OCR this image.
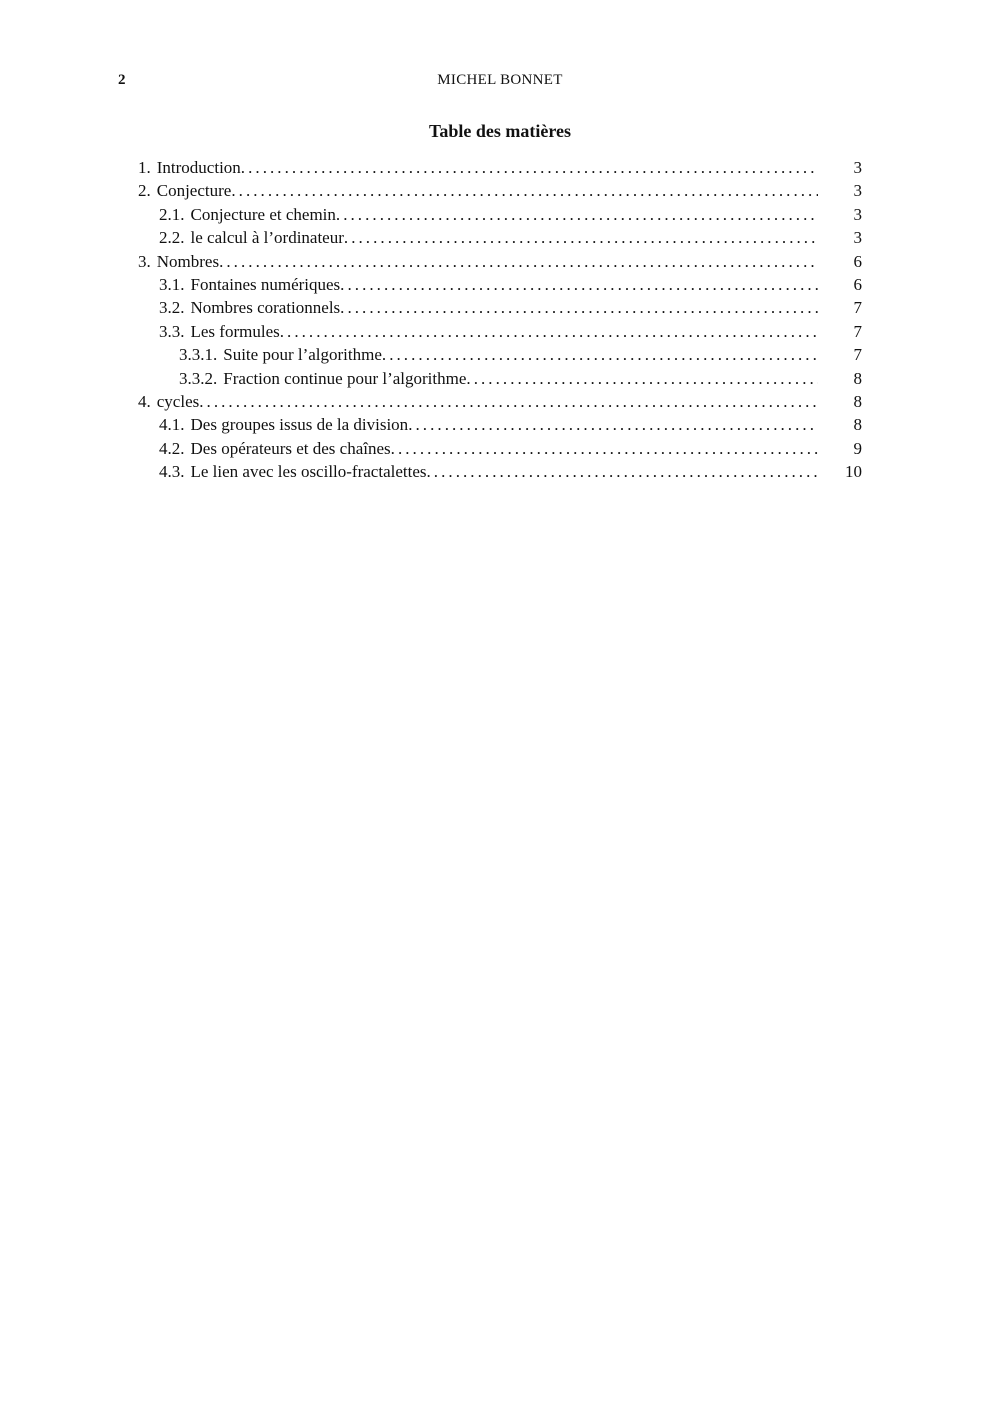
2	MICHEL BONNET
Table des matières
1. Introduction . . .	3
2. Conjecture . . .	3
2.1. Conjecture et chemin . . .	3
2.2. le calcul à l’ordinateur . . .	3
3. Nombres . . .	6
3.1. Fontaines numériques . . .	6
3.2. Nombres corationnels . . .	7
3.3. Les formules . . .	7
3.3.1. Suite pour l’algorithme . . .	7
3.3.2. Fraction continue pour l’algorithme . . .	8
4. cycles . . .	8
4.1. Des groupes issus de la division . . .	8
4.2. Des opérateurs et des chaînes . . .	9
4.3. Le lien avec les oscillo-fractalettes . . .	10
